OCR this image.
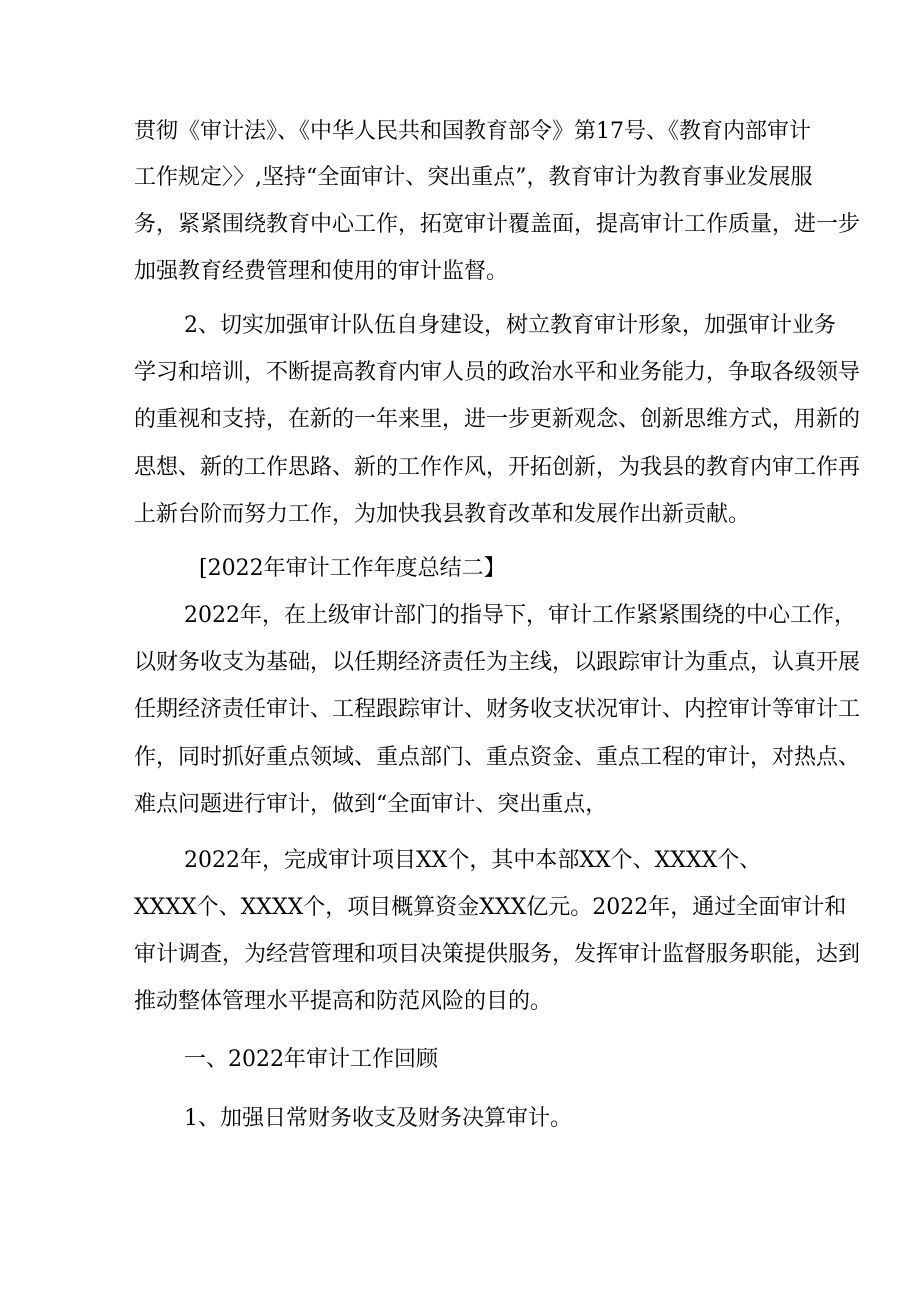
贯彻《审计法》、《中华人民共和国教育部令》第17号、《教育内部审计
工作规定〉〉,坚持“全面审计、突出重点”，教育审计为教育事业发展服
务，紧紧围绕教育中心工作，拓宽审计覆盖面，提高审计工作质量，进一步
加强教育经费管理和使用的审计监督。
2、切实加强审计队伍自身建设，树立教育审计形象，加强审计业务
学习和培训，不断提高教育内审人员的政治水平和业务能力，争取各级领导
的重视和支持，在新的一年来里，进一步更新观念、创新思维方式，用新的
思想、新的工作思路、新的工作作风，开拓创新，为我县的教育内审工作再
上新台阶而努力工作，为加快我县教育改革和发展作出新贡献。
[2022年审计工作年度总结二】
2022年，在上级审计部门的指导下，审计工作紧紧围绕的中心工作，
以财务收支为基础，以任期经济责任为主线，以跟踪审计为重点，认真开展
任期经济责任审计、工程跟踪审计、财务收支状况审计、内控审计等审计工
作，同时抓好重点领域、重点部门、重点资金、重点工程的审计，对热点、
难点问题进行审计，做到“全面审计、突出重点，
2022年，完成审计项目XX个，其中本部XX个、XXXX个、
XXXX个、XXXX个，项目概算资金XXX亿元。2022年，通过全面审计和
审计调查，为经营管理和项目决策提供服务，发挥审计监督服务职能，达到
推动整体管理水平提高和防范风险的目的。
一、2022年审计工作回顾
1、加强日常财务收支及财务决算审计。
